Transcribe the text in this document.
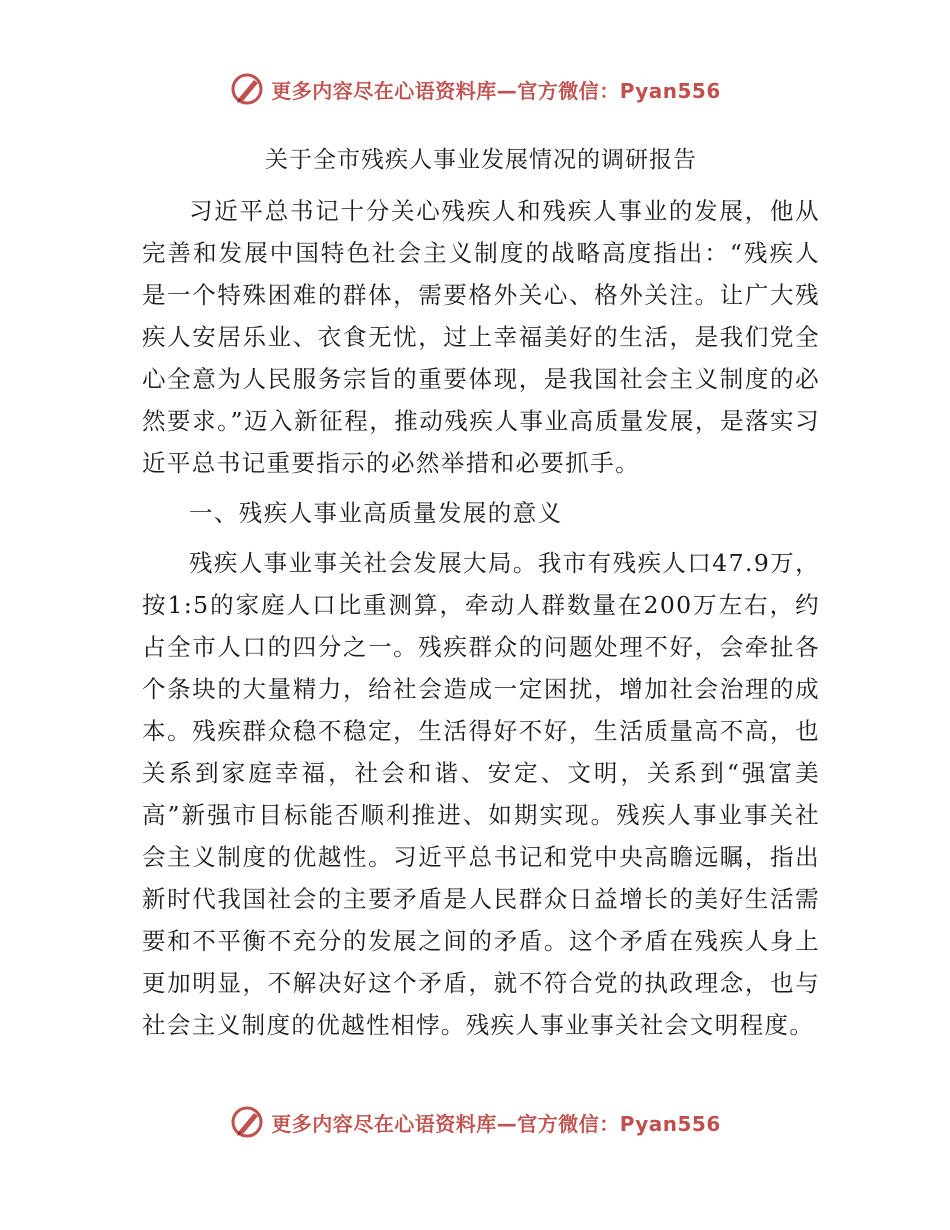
更多内容尽在心语资料库—官方微信：Pyan556
关于全市残疾人事业发展情况的调研报告

习近平总书记十分关心残疾人和残疾人事业的发展，他从完善和发展中国特色社会主义制度的战略高度指出：“残疾人是一个特殊困难的群体，需要格外关心、格外关注。让广大残疾人安居乐业、衣食无忧，过上幸福美好的生活，是我们党全心全意为人民服务宗旨的重要体现，是我国社会主义制度的必然要求。”迈入新征程，推动残疾人事业高质量发展，是落实习近平总书记重要指示的必然举措和必要抓手。

一、残疾人事业高质量发展的意义

残疾人事业事关社会发展大局。我市有残疾人口47.9万，按1:5的家庭人口比重测算，牵动人群数量在200万左右，约占全市人口的四分之一。残疾群众的问题处理不好，会牵扯各个条块的大量精力，给社会造成一定困扰，增加社会治理的成本。残疾群众稳不稳定，生活得好不好，生活质量高不高，也关系到家庭幸福，社会和谐、安定、文明，关系到“强富美高”新强市目标能否顺利推进、如期实现。残疾人事业事关社会主义制度的优越性。习近平总书记和党中央高瞻远瞩，指出新时代我国社会的主要矛盾是人民群众日益增长的美好生活需要和不平衡不充分的发展之间的矛盾。这个矛盾在残疾人身上更加明显，不解决好这个矛盾，就不符合党的执政理念，也与社会主义制度的优越性相悖。残疾人事业事关社会文明程度。

更多内容尽在心语资料库—官方微信：Pyan556
